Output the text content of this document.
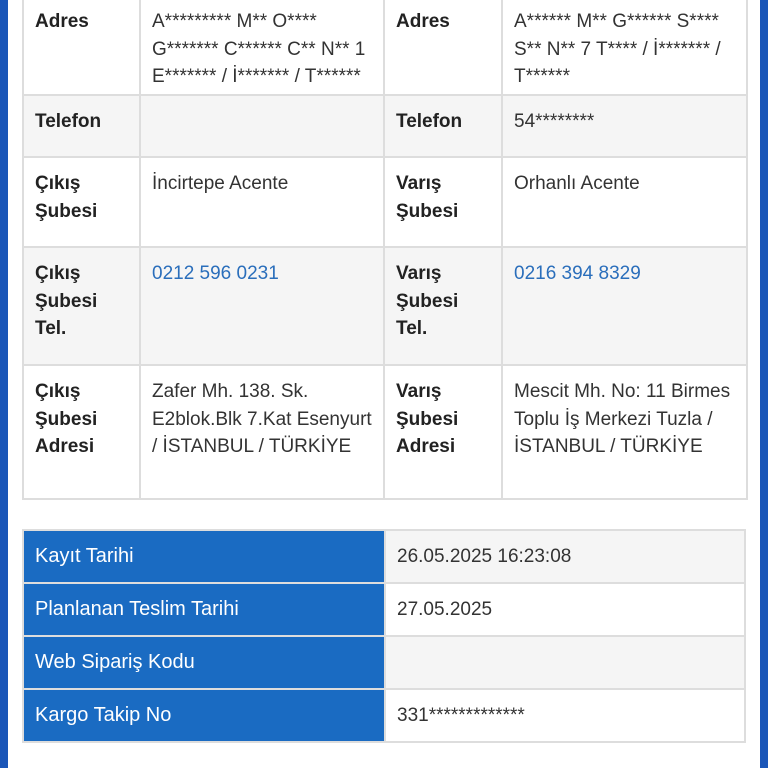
Adres	A********* M** O**** G******* C****** C** N** 1 E******* / İ******* / T******	Adres	A****** M** G****** S**** S** N** 7 T**** / İ******* / T******
Telefon		Telefon	54********
Çıkış Şubesi	İncirtepe Acente	Varış Şubesi	Orhanlı Acente
Çıkış Şubesi Tel.	0212 596 0231	Varış Şubesi Tel.	0216 394 8329
Çıkış Şubesi Adresi	Zafer Mh. 138. Sk. E2blok.Blk 7.Kat Esenyurt / İSTANBUL / TÜRKİYE	Varış Şubesi Adresi	Mescit Mh. No: 11 Birmes Toplu İş Merkezi Tuzla / İSTANBUL / TÜRKİYE
Kayıt Tarihi	26.05.2025 16:23:08
Planlanan Teslim Tarihi	27.05.2025
Web Sipariş Kodu	
Kargo Takip No	331*************
